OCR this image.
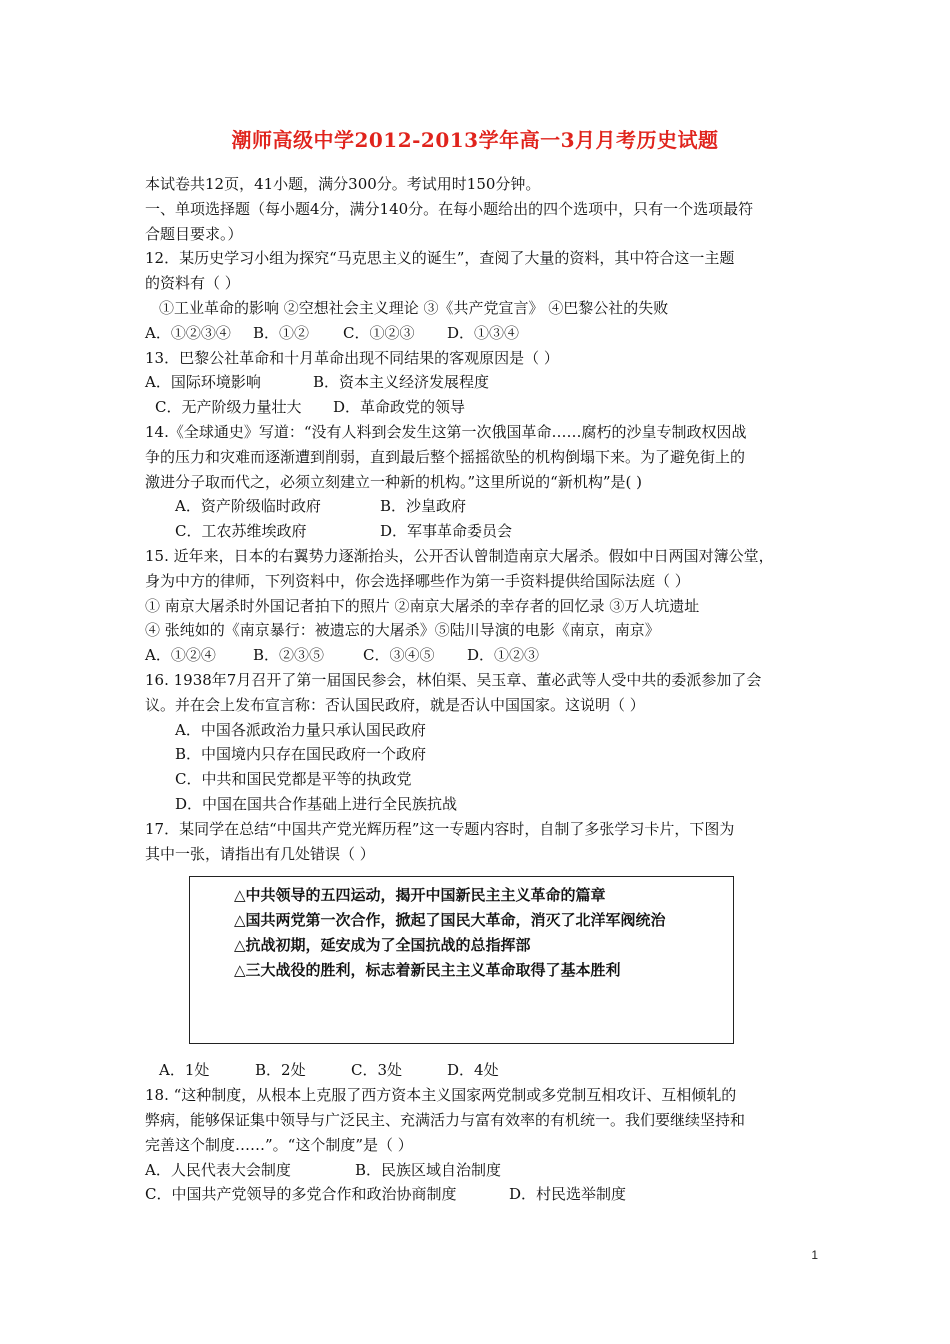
潮师高级中学2012-2013学年高一3月月考历史试题
本试卷共12页，41小题，满分300分。考试用时150分钟。
一、单项选择题（每小题4分，满分140分。在每小题给出的四个选项中，只有一个选项最符
合题目要求。）
12．某历史学习小组为探究“马克思主义的诞生”，查阅了大量的资料，其中符合这一主题
的资料有（ ）
①工业革命的影响 ②空想社会主义理论 ③《共产党宣言》 ④巴黎公社的失败
A．①②③④	B．①②	C．①②③	D．①③④
13．巴黎公社革命和十月革命出现不同结果的客观原因是（ ）
A．国际环境影响	B．资本主义经济发展程度
C．无产阶级力量壮大	D．革命政党的领导
14.《全球通史》写道：“没有人料到会发生这第一次俄国革命……腐朽的沙皇专制政权因战
争的压力和灾难而逐渐遭到削弱，直到最后整个摇摇欲坠的机构倒塌下来。为了避免街上的
激进分子取而代之，必须立刻建立一种新的机构。”这里所说的“新机构”是( )
A．资产阶级临时政府	B．沙皇政府
C．工农苏维埃政府	D．军事革命委员会
15. 近年来，日本的右翼势力逐渐抬头，公开否认曾制造南京大屠杀。假如中日两国对簿公堂，
身为中方的律师，下列资料中，你会选择哪些作为第一手资料提供给国际法庭（ ）
① 南京大屠杀时外国记者拍下的照片 ②南京大屠杀的幸存者的回忆录 ③万人坑遗址
④ 张纯如的《南京暴行：被遗忘的大屠杀》⑤陆川导演的电影《南京，南京》
A．①②④	B．②③⑤	C．③④⑤	D．①②③
16. 1938年7月召开了第一届国民参会，林伯渠、吴玉章、董必武等人受中共的委派参加了会
议。并在会上发布宣言称：否认国民政府，就是否认中国国家。这说明（ ）
A．中国各派政治力量只承认国民政府
B．中国境内只存在国民政府一个政府
C．中共和国民党都是平等的执政党
D．中国在国共合作基础上进行全民族抗战
17．某同学在总结“中国共产党光辉历程”这一专题内容时，自制了多张学习卡片，下图为
其中一张，请指出有几处错误（ ）
△中共领导的五四运动，揭开中国新民主主义革命的篇章
△国共两党第一次合作，掀起了国民大革命，消灭了北洋军阀统治
△抗战初期，延安成为了全国抗战的总指挥部
△三大战役的胜利，标志着新民主主义革命取得了基本胜利
A．1处	B．2处	C．3处	D．4处
18. “这种制度，从根本上克服了西方资本主义国家两党制或多党制互相攻讦、互相倾轧的
弊病，能够保证集中领导与广泛民主、充满活力与富有效率的有机统一。我们要继续坚持和
完善这个制度……”。“这个制度”是（ ）
A．人民代表大会制度	B．民族区域自治制度
C．中国共产党领导的多党合作和政治协商制度	D．村民选举制度
1
